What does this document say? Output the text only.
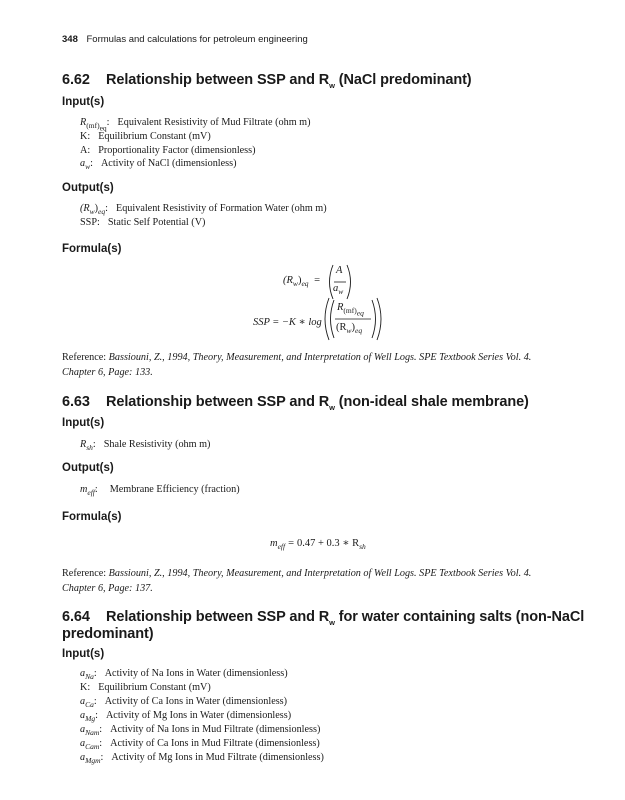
348 Formulas and calculations for petroleum engineering
6.62 Relationship between SSP and $R_w$ (NaCl predominant)
Input(s)
$R_{(mf)_{eq}}$: Equivalent Resistivity of Mud Filtrate (ohm m)
K: Equilibrium Constant (mV)
A: Proportionality Factor (dimensionless)
$a_w$: Activity of NaCl (dimensionless)
Output(s)
$(R_w)_{eq}$: Equivalent Resistivity of Formation Water (ohm m)
SSP: Static Self Potential (V)
Formula(s)
$(R_w)_{eq}$ =
A
$a_w$
SSP = −K ∗ log
$R_{(mf)_{eq}}$
$(R_w)_{eq}$
Reference: Bassiouni, Z., 1994, Theory, Measurement, and Interpretation of Well Logs. SPE Textbook Series Vol. 4. Chapter 6, Page: 133.
6.63 Relationship between SSP and $R_w$ (non-ideal shale membrane)
Input(s)
$R_{sh}$: Shale Resistivity (ohm m)
Output(s)
$m_{eff}$: Membrane Efficiency (fraction)
Formula(s)
$m_{eff} = 0.47 + 0.3$ ∗ $R_{sh}$
Reference: Bassiouni, Z., 1994, Theory, Measurement, and Interpretation of Well Logs. SPE Textbook Series Vol. 4. Chapter 6, Page: 137.
6.64 Relationship between SSP and $R_w$ for water containing salts (non-NaCl
predominant)
Input(s)
$a_{Na}$: Activity of Na Ions in Water (dimensionless)
K: Equilibrium Constant (mV)
$a_{Ca}$: Activity of Ca Ions in Water (dimensionless)
$a_{Mg}$: Activity of Mg Ions in Water (dimensionless)
$a_{Nam}$: Activity of Na Ions in Mud Filtrate (dimensionless)
$a_{Cam}$: Activity of Ca Ions in Mud Filtrate (dimensionless)
$a_{Mgm}$: Activity of Mg Ions in Mud Filtrate (dimensionless)
